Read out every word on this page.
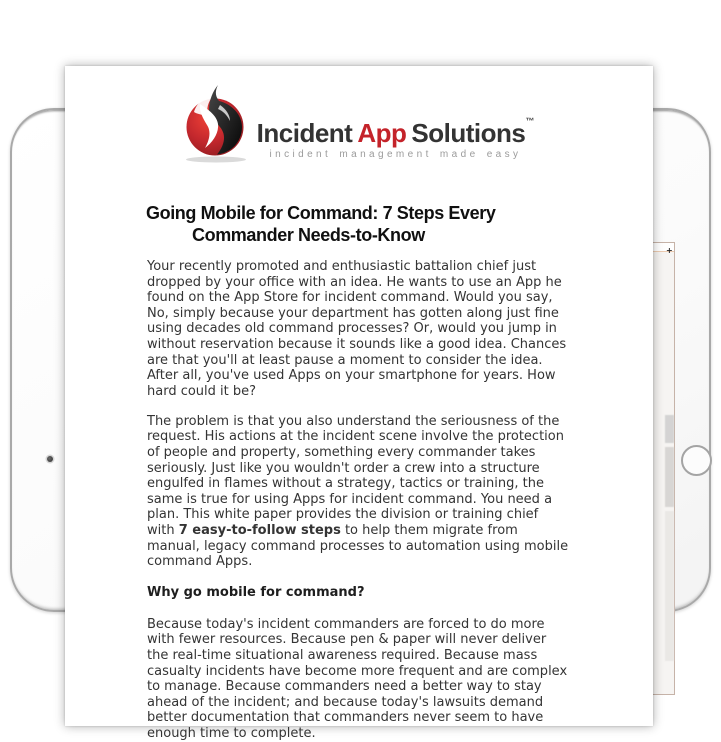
+
Incident App Solutions™
incident management made easy
Going Mobile for Command: 7 Steps Every
Commander Needs-to-Know
Your recently promoted and enthusiastic battalion chief just
dropped by your office with an idea. He wants to use an App he
found on the App Store for incident command. Would you say,
No, simply because your department has gotten along just fine
using decades old command processes? Or, would you jump in
without reservation because it sounds like a good idea. Chances
are that you'll at least pause a moment to consider the idea.
After all, you've used Apps on your smartphone for years. How
hard could it be?
The problem is that you also understand the seriousness of the
request. His actions at the incident scene involve the protection
of people and property, something every commander takes
seriously. Just like you wouldn't order a crew into a structure
engulfed in flames without a strategy, tactics or training, the
same is true for using Apps for incident command. You need a
plan. This white paper provides the division or training chief
with 7 easy-to-follow steps to help them migrate from
manual, legacy command processes to automation using mobile
command Apps.
Why go mobile for command?
Because today's incident commanders are forced to do more
with fewer resources. Because pen & paper will never deliver
the real-time situational awareness required. Because mass
casualty incidents have become more frequent and are complex
to manage. Because commanders need a better way to stay
ahead of the incident; and because today's lawsuits demand
better documentation that commanders never seem to have
enough time to complete.
